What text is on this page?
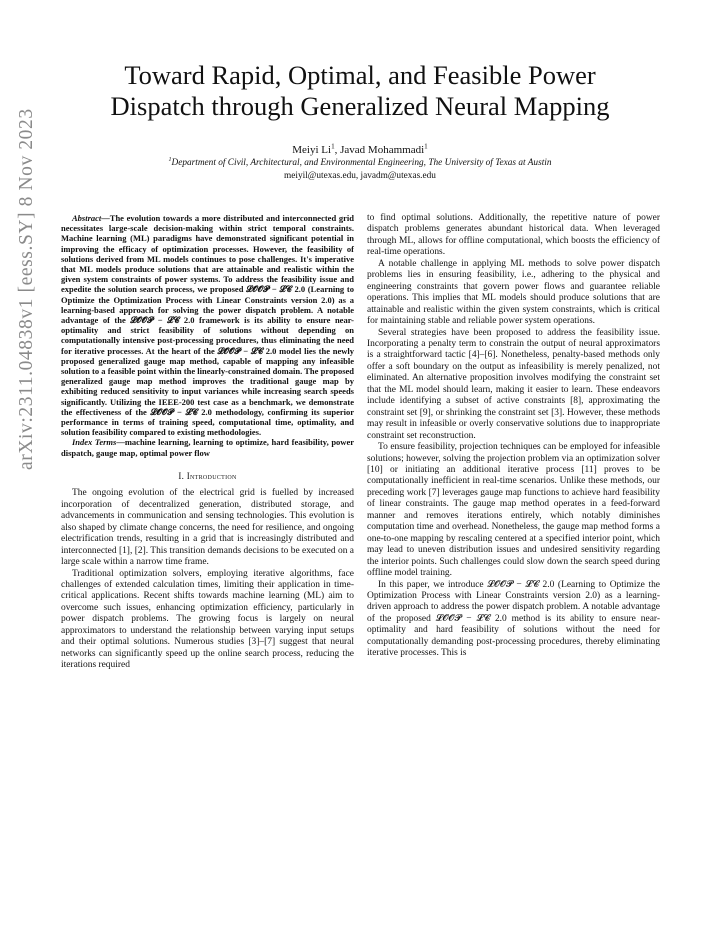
arXiv:2311.04838v1 [eess.SY] 8 Nov 2023
Toward Rapid, Optimal, and Feasible Power
Dispatch through Generalized Neural Mapping
Meiyi Li$^1$, Javad Mohammadi$^1$
$^1$Department of Civil, Architectural, and Environmental Engineering, The University of Texas at Austin
meiyil@utexas.edu, javadm@utexas.edu

Abstract—The evolution towards a more distributed and interconnected grid necessitates large-scale decision-making within strict temporal constraints. Machine learning (ML) paradigms have demonstrated significant potential in improving the efficacy of optimization processes. However, the feasibility of solutions derived from ML models continues to pose challenges. It's imperative that ML models produce solutions that are attainable and realistic within the given system constraints of power systems. To address the feasibility issue and expedite the solution search process, we proposed 𝓛𝓞𝓞𝓟 − 𝓛𝓒 2.0 (Learning to Optimize the Optimization Process with Linear Constraints version 2.0) as a learning-based approach for solving the power dispatch problem. A notable advantage of the 𝓛𝓞𝓞𝓟 − 𝓛𝓒 2.0 framework is its ability to ensure near-optimality and strict feasibility of solutions without depending on computationally intensive post-processing procedures, thus eliminating the need for iterative processes. At the heart of the 𝓛𝓞𝓞𝓟 − 𝓛𝓒 2.0 model lies the newly proposed generalized gauge map method, capable of mapping any infeasible solution to a feasible point within the linearly-constrained domain. The proposed generalized gauge map method improves the traditional gauge map by exhibiting reduced sensitivity to input variances while increasing search speeds significantly. Utilizing the IEEE-200 test case as a benchmark, we demonstrate the effectiveness of the 𝓛𝓞𝓞𝓟 − 𝓛𝓒 2.0 methodology, confirming its superior performance in terms of training speed, computational time, optimality, and solution feasibility compared to existing methodologies.

Index Terms—machine learning, learning to optimize, hard feasibility, power dispatch, gauge map, optimal power flow

I. Introduction

The ongoing evolution of the electrical grid is fuelled by increased incorporation of decentralized generation, distributed storage, and advancements in communication and sensing technologies. This evolution is also shaped by climate change concerns, the need for resilience, and ongoing electrification trends, resulting in a grid that is increasingly distributed and interconnected [1], [2]. This transition demands decisions to be executed on a large scale within a narrow time frame.

Traditional optimization solvers, employing iterative algorithms, face challenges of extended calculation times, limiting their application in time-critical applications. Recent shifts towards machine learning (ML) aim to overcome such issues, enhancing optimization efficiency, particularly in power dispatch problems. The growing focus is largely on neural approximators to understand the relationship between varying input setups and their optimal solutions. Numerous studies [3]–[7] suggest that neural networks can significantly speed up the online search process, reducing the iterations required

to find optimal solutions. Additionally, the repetitive nature of power dispatch problems generates abundant historical data. When leveraged through ML, allows for offline computational, which boosts the efficiency of real-time operations.

A notable challenge in applying ML methods to solve power dispatch problems lies in ensuring feasibility, i.e., adhering to the physical and engineering constraints that govern power flows and guarantee reliable operations. This implies that ML models should produce solutions that are attainable and realistic within the given system constraints, which is critical for maintaining stable and reliable power system operations.

Several strategies have been proposed to address the feasibility issue. Incorporating a penalty term to constrain the output of neural approximators is a straightforward tactic [4]–[6]. Nonetheless, penalty-based methods only offer a soft boundary on the output as infeasibility is merely penalized, not eliminated. An alternative proposition involves modifying the constraint set that the ML model should learn, making it easier to learn. These endeavors include identifying a subset of active constraints [8], approximating the constraint set [9], or shrinking the constraint set [3]. However, these methods may result in infeasible or overly conservative solutions due to inappropriate constraint set reconstruction.

To ensure feasibility, projection techniques can be employed for infeasible solutions; however, solving the projection problem via an optimization solver [10] or initiating an additional iterative process [11] proves to be computationally inefficient in real-time scenarios. Unlike these methods, our preceding work [7] leverages gauge map functions to achieve hard feasibility of linear constraints. The gauge map method operates in a feed-forward manner and removes iterations entirely, which notably diminishes computation time and overhead. Nonetheless, the gauge map method forms a one-to-one mapping by rescaling centered at a specified interior point, which may lead to uneven distribution issues and undesired sensitivity regarding the interior points. Such challenges could slow down the search speed during offline model training.

In this paper, we introduce 𝓛𝓞𝓞𝓟 − 𝓛𝓒 2.0 (Learning to Optimize the Optimization Process with Linear Constraints version 2.0) as a learning-driven approach to address the power dispatch problem. A notable advantage of the proposed 𝓛𝓞𝓞𝓟 − 𝓛𝓒 2.0 method is its ability to ensure near-optimality and hard feasibility of solutions without the need for computationally demanding post-processing procedures, thereby eliminating iterative processes. This is
